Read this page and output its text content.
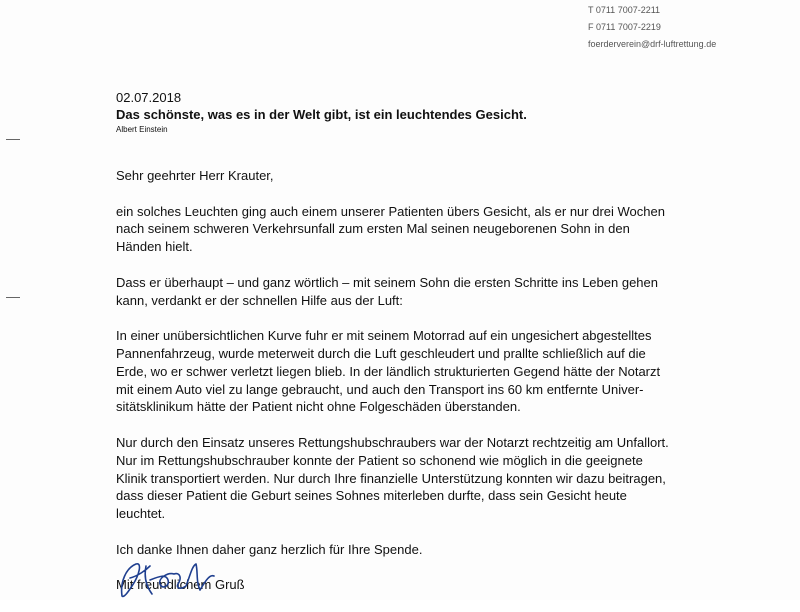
T 0711 7007-2211
F 0711 7007-2219
foerderverein@drf-luftrettung.de
02.07.2018
Das schönste, was es in der Welt gibt, ist ein leuchtendes Gesicht.
Albert Einstein

Sehr geehrter Herr Krauter,

ein solches Leuchten ging auch einem unserer Patienten übers Gesicht, als er nur drei Wochen
nach seinem schweren Verkehrsunfall zum ersten Mal seinen neugeborenen Sohn in den
Händen hielt.

Dass er überhaupt – und ganz wörtlich – mit seinem Sohn die ersten Schritte ins Leben gehen
kann, verdankt er der schnellen Hilfe aus der Luft:

In einer unübersichtlichen Kurve fuhr er mit seinem Motorrad auf ein ungesichert abgestelltes
Pannenfahrzeug, wurde meterweit durch die Luft geschleudert und prallte schließlich auf die
Erde, wo er schwer verletzt liegen blieb. In der ländlich strukturierten Gegend hätte der Notarzt
mit einem Auto viel zu lange gebraucht, und auch den Transport ins 60 km entfernte Univer-
sitätsklinikum hätte der Patient nicht ohne Folgeschäden überstanden.

Nur durch den Einsatz unseres Rettungshubschraubers war der Notarzt rechtzeitig am Unfallort.
Nur im Rettungshubschrauber konnte der Patient so schonend wie möglich in die geeignete
Klinik transportiert werden. Nur durch Ihre finanzielle Unterstützung konnten wir dazu beitragen,
dass dieser Patient die Geburt seines Sohnes miterleben durfte, dass sein Gesicht heute
leuchtet.

Ich danke Ihnen daher ganz herzlich für Ihre Spende.

Mit freundlichem Gruß
